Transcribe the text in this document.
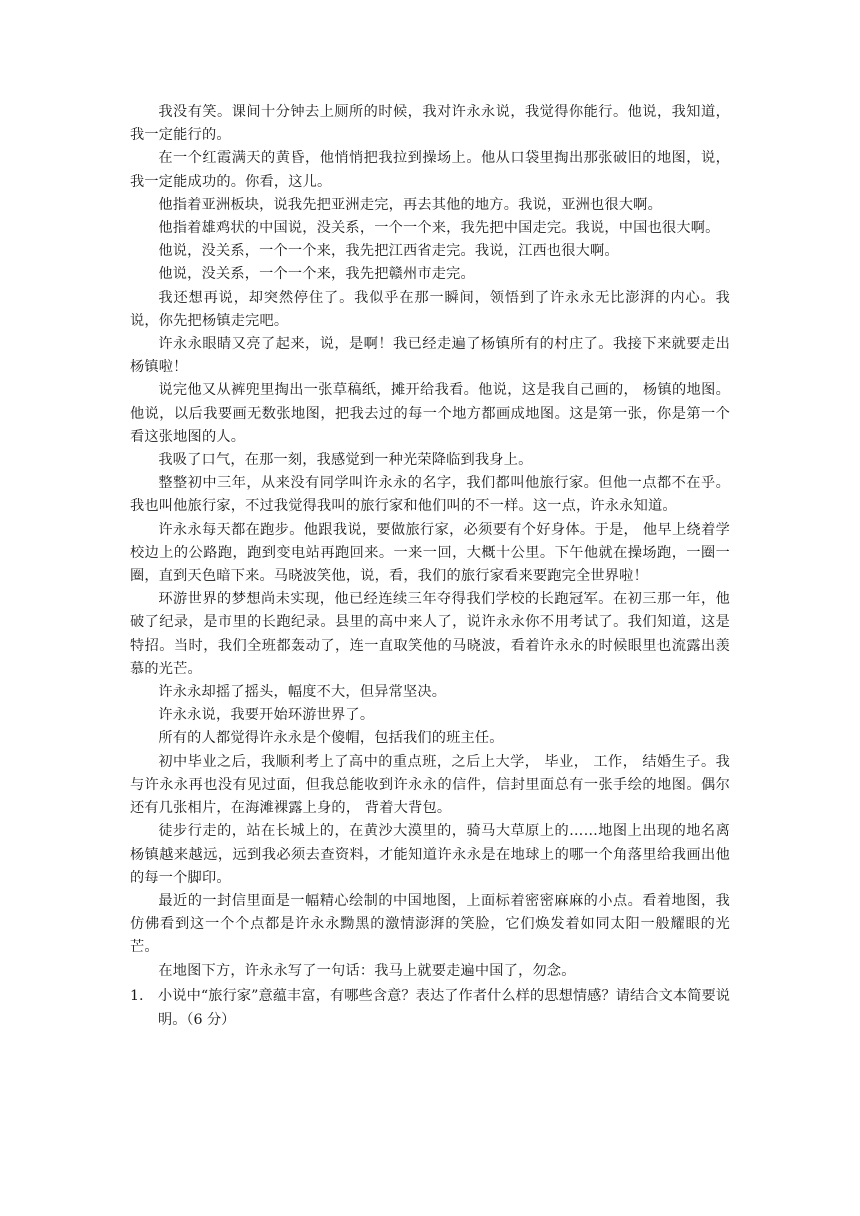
我没有笑。课间十分钟去上厕所的时候，我对许永永说，我觉得你能行。他说，我知道，我一定能行的。

在一个红霞满天的黄昏，他悄悄把我拉到操场上。他从口袋里掏出那张破旧的地图，说，我一定能成功的。你看，这儿。

他指着亚洲板块，说我先把亚洲走完，再去其他的地方。我说，亚洲也很大啊。

他指着雄鸡状的中国说，没关系，一个一个来，我先把中国走完。我说，中国也很大啊。

他说，没关系，一个一个来，我先把江西省走完。我说，江西也很大啊。

他说，没关系，一个一个来，我先把赣州市走完。

我还想再说，却突然停住了。我似乎在那一瞬间，领悟到了许永永无比澎湃的内心。我说，你先把杨镇走完吧。

许永永眼睛又亮了起来，说，是啊！我已经走遍了杨镇所有的村庄了。我接下来就要走出杨镇啦！

说完他又从裤兜里掏出一张草稿纸，摊开给我看。他说，这是我自己画的， 杨镇的地图。他说，以后我要画无数张地图，把我去过的每一个地方都画成地图。这是第一张，你是第一个看这张地图的人。

我吸了口气，在那一刻，我感觉到一种光荣降临到我身上。

整整初中三年，从来没有同学叫许永永的名字，我们都叫他旅行家。但他一点都不在乎。我也叫他旅行家，不过我觉得我叫的旅行家和他们叫的不一样。这一点，许永永知道。

许永永每天都在跑步。他跟我说，要做旅行家，必须要有个好身体。于是， 他早上绕着学校边上的公路跑，跑到变电站再跑回来。一来一回，大概十公里。下午他就在操场跑，一圈一圈，直到天色暗下来。马晓波笑他，说，看，我们的旅行家看来要跑完全世界啦！

环游世界的梦想尚未实现，他已经连续三年夺得我们学校的长跑冠军。在初三那一年，他破了纪录，是市里的长跑纪录。县里的高中来人了，说许永永你不用考试了。我们知道，这是特招。当时，我们全班都轰动了，连一直取笑他的马晓波，看着许永永的时候眼里也流露出羡慕的光芒。

许永永却摇了摇头，幅度不大，但异常坚决。

许永永说，我要开始环游世界了。

所有的人都觉得许永永是个傻帽，包括我们的班主任。

初中毕业之后，我顺利考上了高中的重点班，之后上大学， 毕业， 工作， 结婚生子。我与许永永再也没有见过面，但我总能收到许永永的信件，信封里面总有一张手绘的地图。偶尔还有几张相片，在海滩裸露上身的， 背着大背包。

徒步行走的，站在长城上的，在黄沙大漠里的，骑马大草原上的……地图上出现的地名离杨镇越来越远，远到我必须去查资料，才能知道许永永是在地球上的哪一个角落里给我画出他的每一个脚印。

最近的一封信里面是一幅精心绘制的中国地图，上面标着密密麻麻的小点。看着地图，我仿佛看到这一个个点都是许永永黝黑的激情澎湃的笑脸，它们焕发着如同太阳一般耀眼的光芒。

在地图下方，许永永写了一句话：我马上就要走遍中国了，勿念。

1.	小说中“旅行家”意蕴丰富，有哪些含意？表达了作者什么样的思想情感？请结合文本简要说明。（6 分）
